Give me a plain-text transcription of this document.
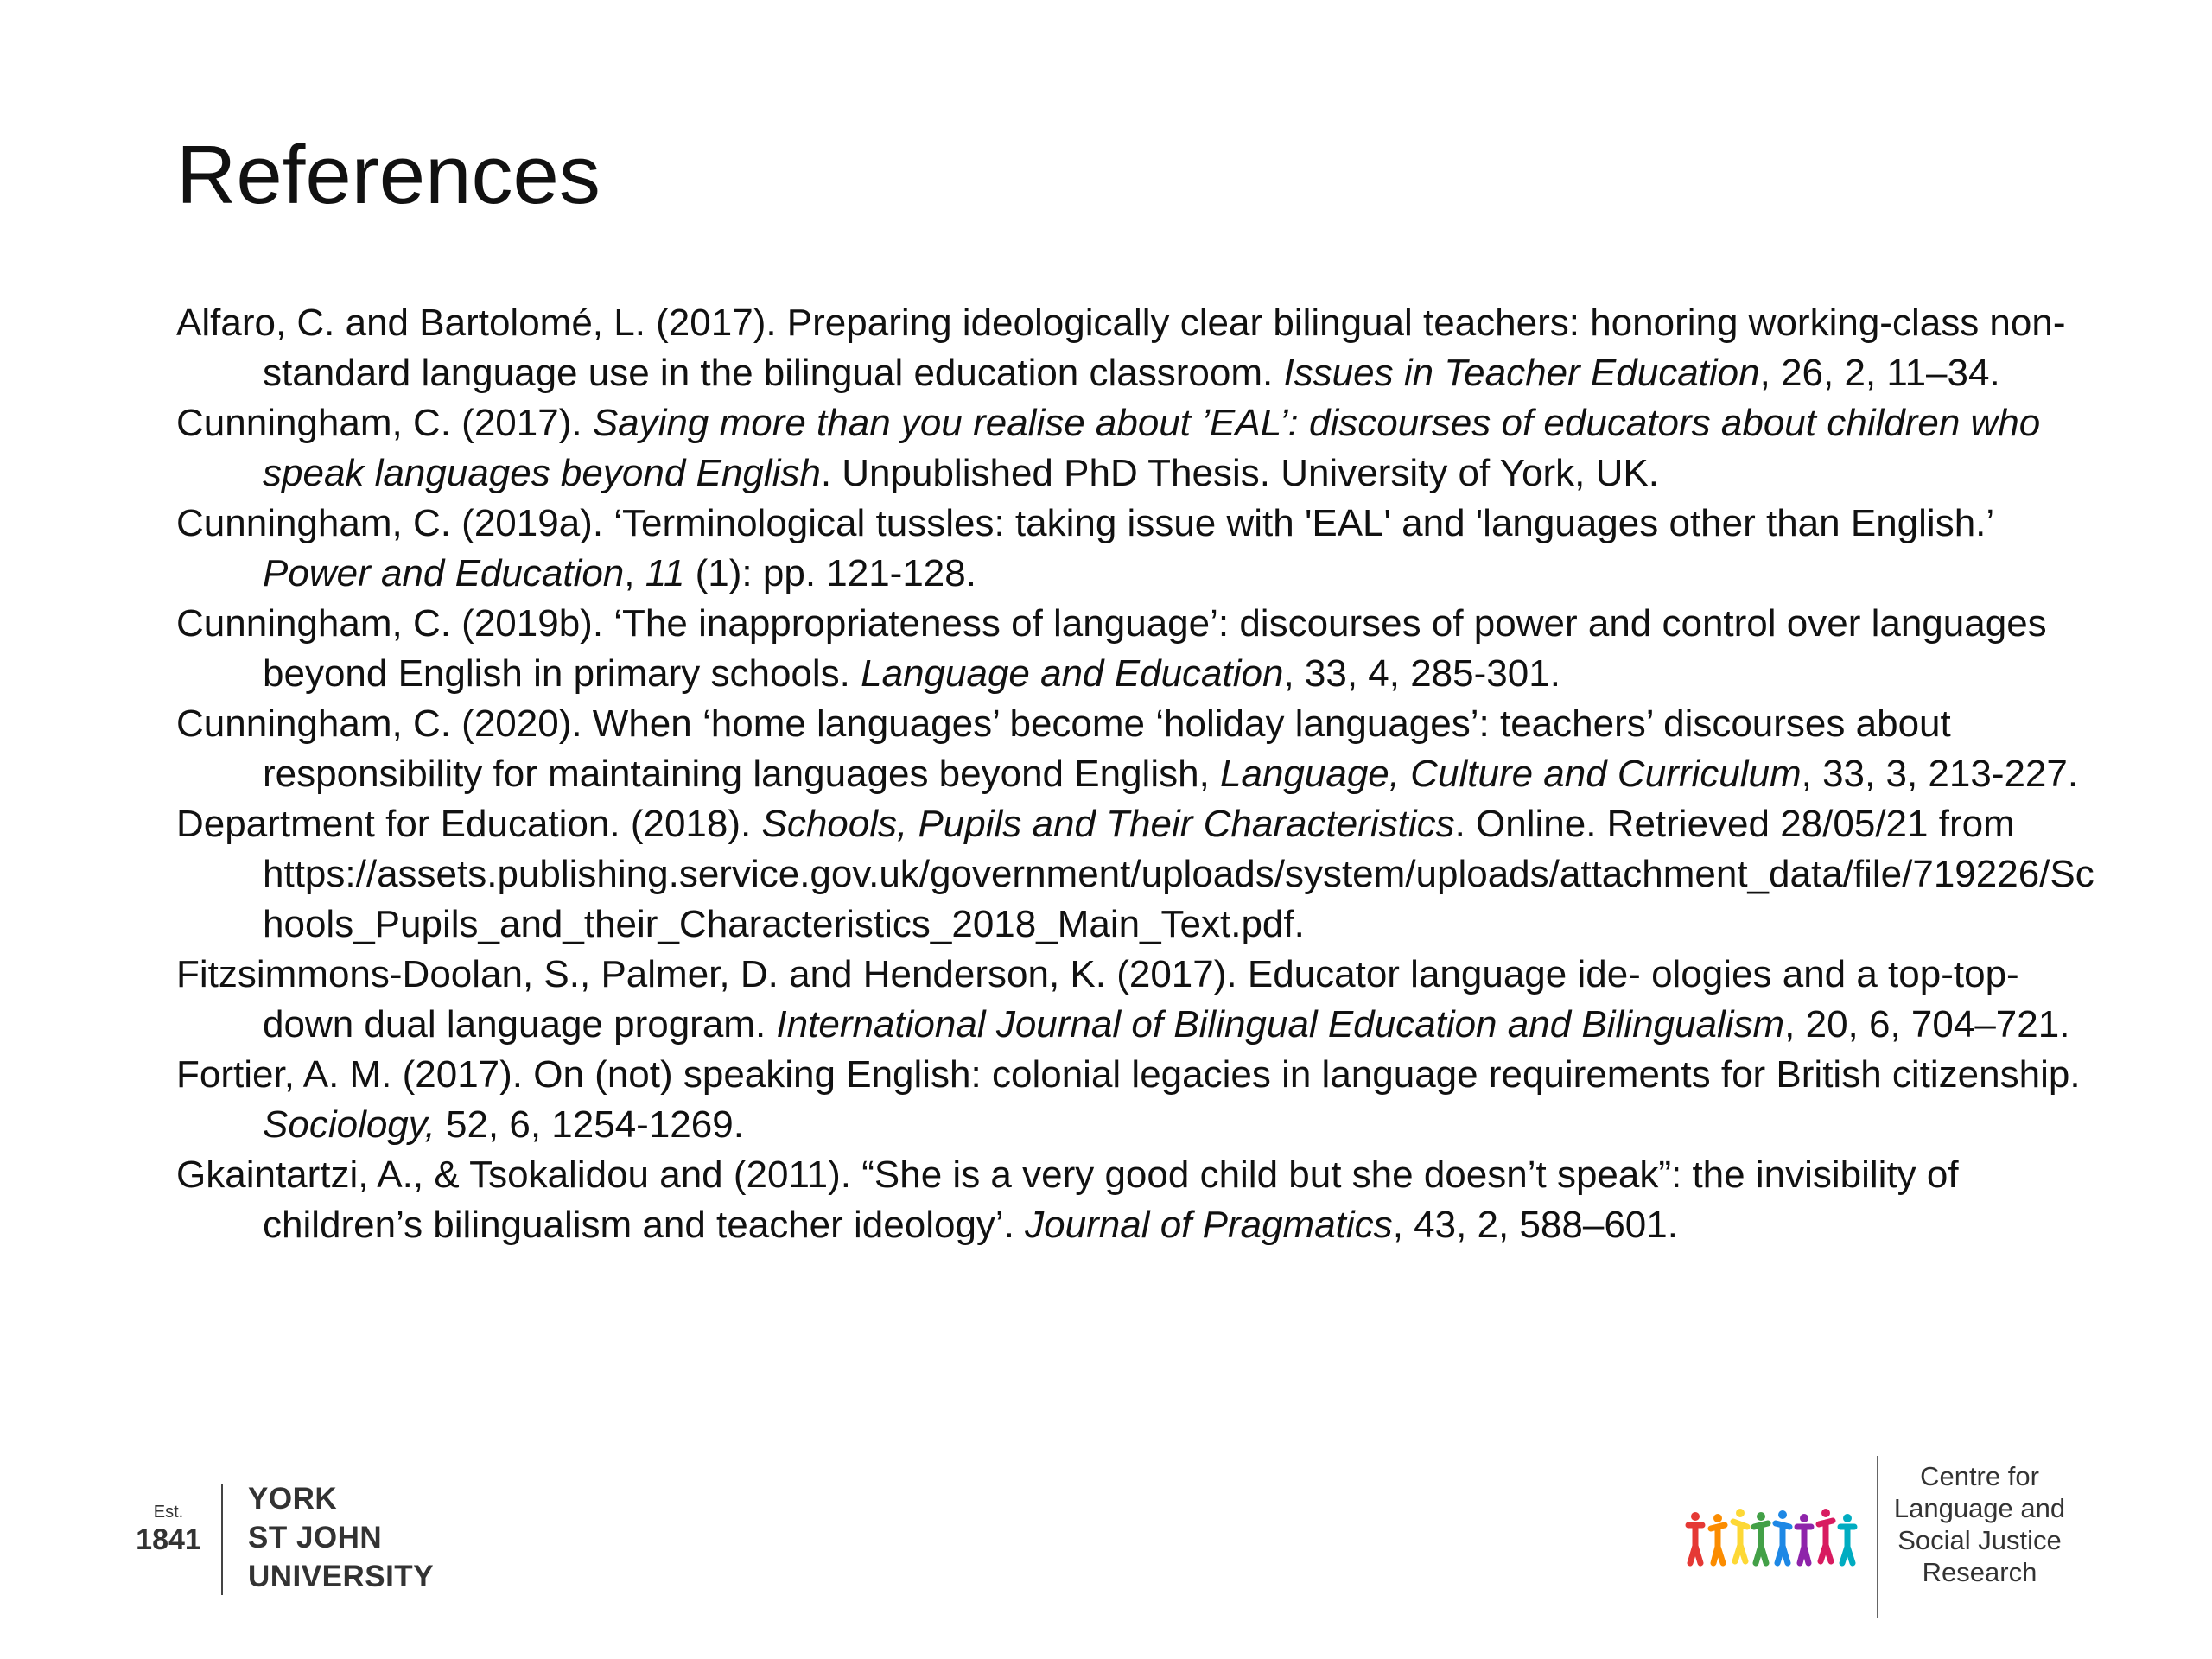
References

Alfaro, C. and Bartolomé, L. (2017). Preparing ideologically clear bilingual teachers: honoring working-class non-standard language use in the bilingual education classroom. Issues in Teacher Education, 26, 2, 11–34.

Cunningham, C. (2017). Saying more than you realise about ’EAL’: discourses of educators about children who speak languages beyond English. Unpublished PhD Thesis. University of York, UK.

Cunningham, C. (2019a). ‘Terminological tussles: taking issue with 'EAL' and 'languages other than English.’ Power and Education, 11 (1): pp. 121-128.

Cunningham, C. (2019b). ‘The inappropriateness of language’: discourses of power and control over languages beyond English in primary schools. Language and Education, 33, 4, 285-301.

Cunningham, C. (2020). When ‘home languages’ become ‘holiday languages’: teachers’ discourses about responsibility for maintaining languages beyond English, Language, Culture and Curriculum, 33, 3, 213-227.

Department for Education. (2018). Schools, Pupils and Their Characteristics. Online. Retrieved 28/05/21 from https://assets.publishing.service.gov.uk/government/uploads/system/uploads/attachment_data/file/719226/Schools_Pupils_and_their_Characteristics_2018_Main_Text.pdf.

Fitzsimmons-Doolan, S., Palmer, D. and Henderson, K. (2017). Educator language ide- ologies and a top-top-down dual language program. International Journal of Bilingual Education and Bilingualism, 20, 6, 704–721.

Fortier, A. M. (2017). On (not) speaking English: colonial legacies in language requirements for British citizenship. Sociology, 52, 6, 1254-1269.

Gkaintartzi, A., & Tsokalidou and (2011). “She is a very good child but she doesn’t speak”: the invisibility of children’s bilingualism and teacher ideology’. Journal of Pragmatics, 43, 2, 588–601.

Est.
1841
YORK
ST JOHN
UNIVERSITY
Centre for
Language and
Social Justice
Research
